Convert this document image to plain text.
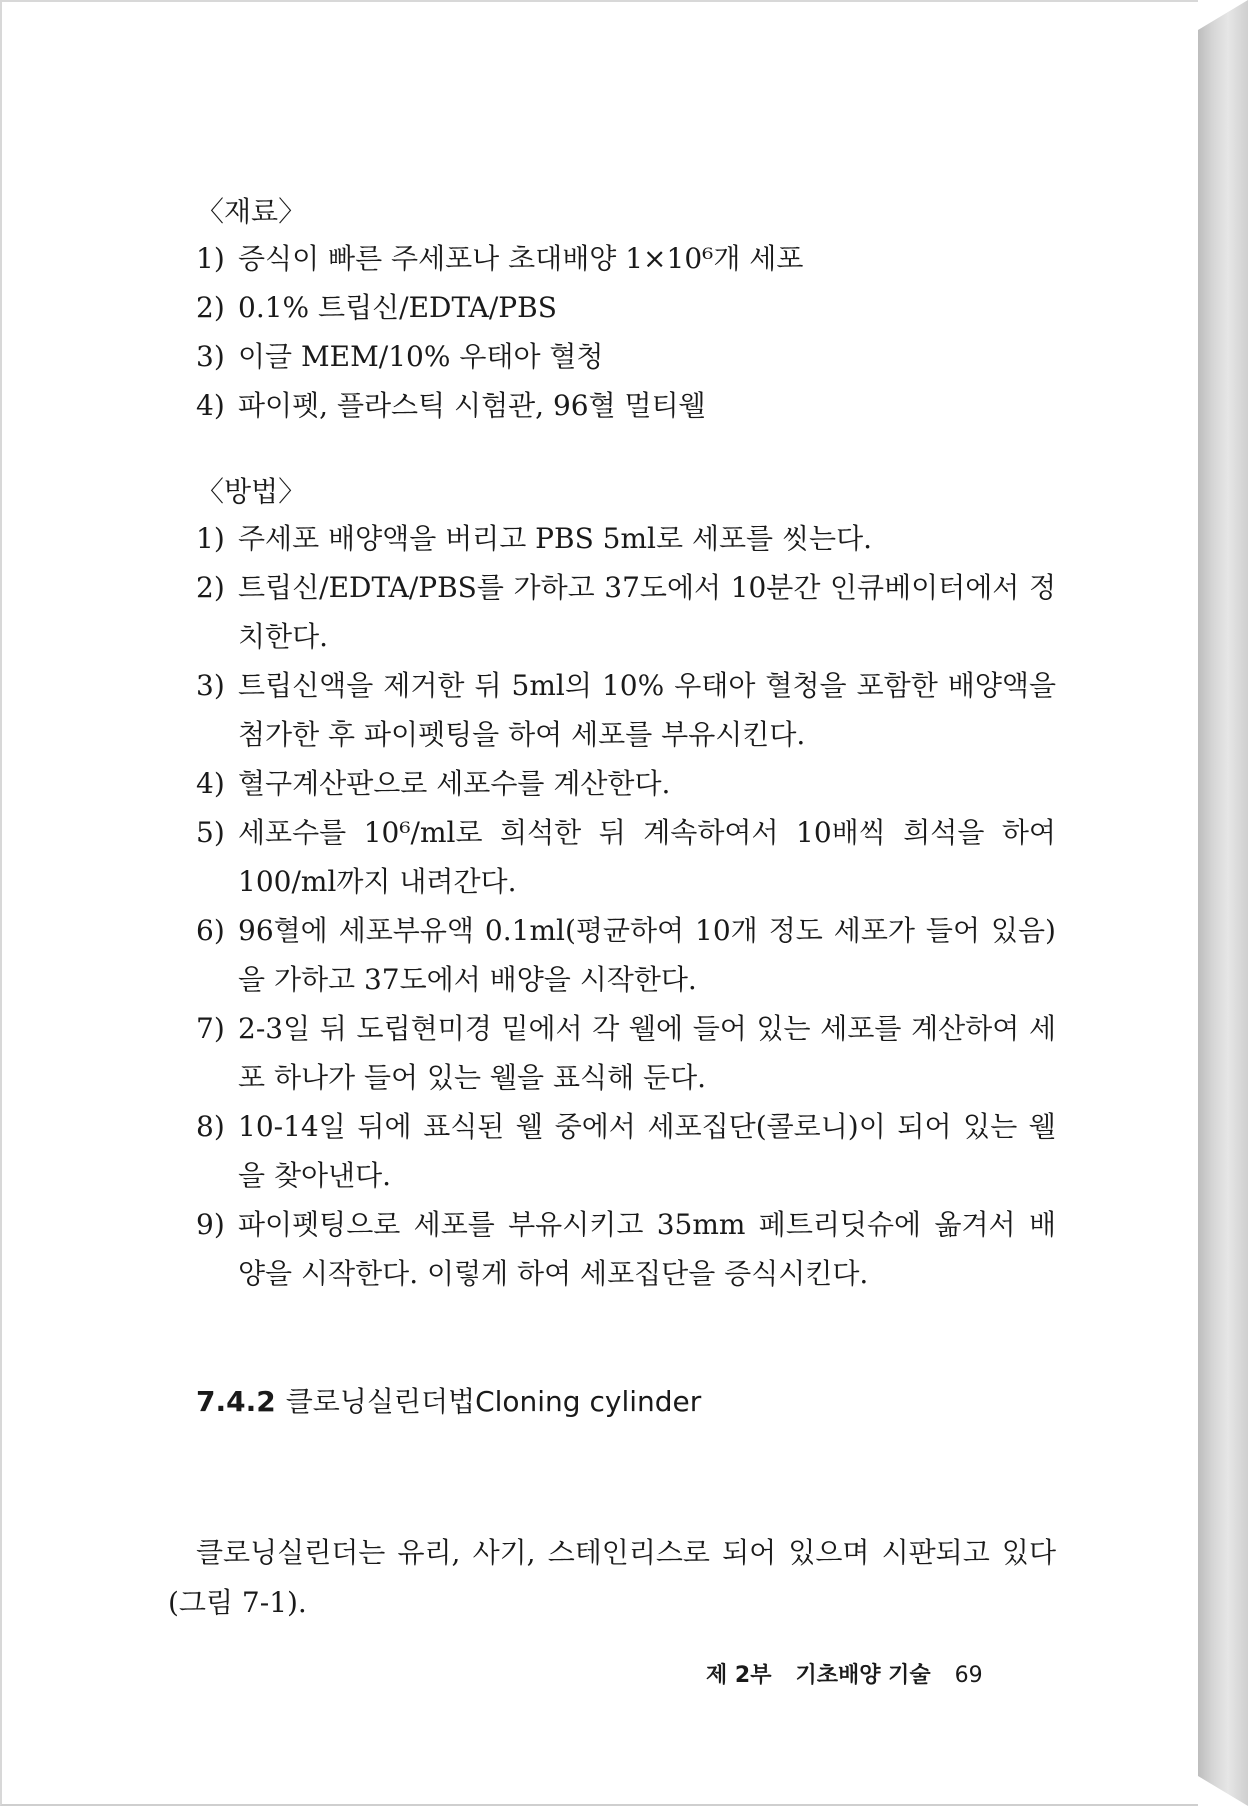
〈재료〉

1) 증식이 빠른 주세포나 초대배양 1×10⁶개 세포
2) 0.1% 트립신/EDTA/PBS
3) 이글 MEM/10% 우태아 혈청
4) 파이펫, 플라스틱 시험관, 96혈 멀티웰

〈방법〉

1) 주세포 배양액을 버리고 PBS 5ml로 세포를 씻는다.
2) 트립신/EDTA/PBS를 가하고 37도에서 10분간 인큐베이터에서 정치한다.
3) 트립신액을 제거한 뒤 5ml의 10% 우태아 혈청을 포함한 배양액을 첨가한 후 파이펫팅을 하여 세포를 부유시킨다.
4) 혈구계산판으로 세포수를 계산한다.
5) 세포수를 10⁶/ml로 희석한 뒤 계속하여서 10배씩 희석을 하여 100/ml까지 내려간다.
6) 96혈에 세포부유액 0.1ml(평균하여 10개 정도 세포가 들어 있음)을 가하고 37도에서 배양을 시작한다.
7) 2-3일 뒤 도립현미경 밑에서 각 웰에 들어 있는 세포를 계산하여 세포 하나가 들어 있는 웰을 표식해 둔다.
8) 10-14일 뒤에 표식된 웰 중에서 세포집단(콜로니)이 되어 있는 웰을 찾아낸다.
9) 파이펫팅으로 세포를 부유시키고 35mm 페트리딧슈에 옮겨서 배양을 시작한다. 이렇게 하여 세포집단을 증식시킨다.
7.4.2 클로닝실린더법Cloning cylinder

클로닝실린더는 유리, 사기, 스테인리스로 되어 있으며 시판되고 있다(그림 7-1).

제 2부 기초배양 기술 69
